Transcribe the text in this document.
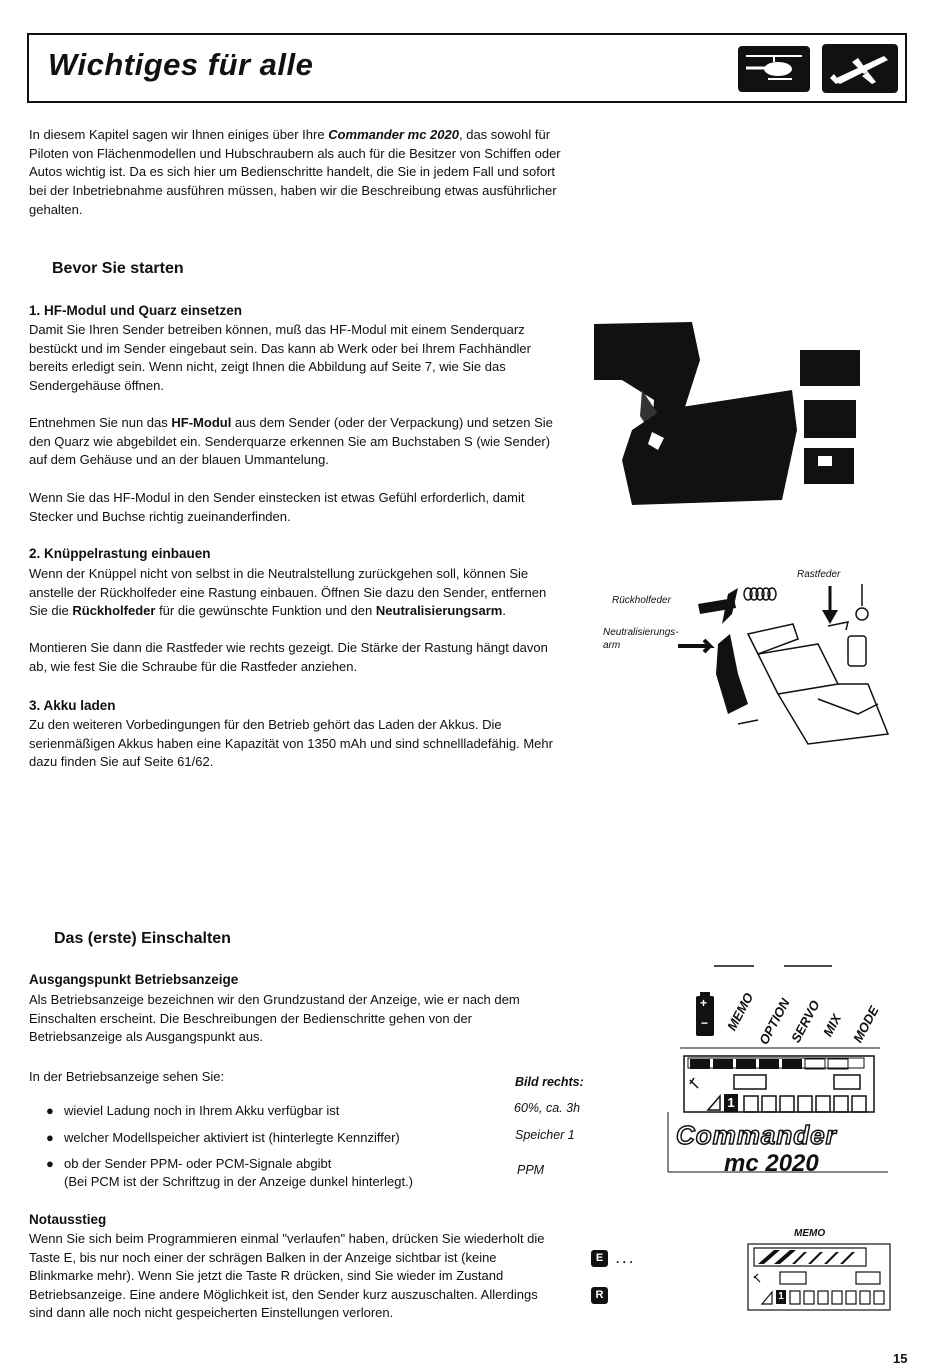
Wichtiges für alle
In diesem Kapitel sagen wir Ihnen einiges über Ihre Commander mc 2020, das sowohl für Piloten von Flächenmodellen und Hubschraubern als auch für die Besitzer von Schiffen oder Autos wichtig ist. Da es sich hier um Bedienschritte handelt, die Sie in jedem Fall und sofort bei der Inbetriebnahme ausführen müssen, haben wir die Beschreibung etwas ausführlicher gehalten.
Bevor Sie starten
1. HF-Modul und Quarz einsetzen
Damit Sie Ihren Sender betreiben können, muß das HF-Modul mit einem Senderquarz bestückt und im Sender eingebaut sein. Das kann ab Werk oder bei Ihrem Fachhändler bereits erledigt sein. Wenn nicht, zeigt Ihnen die Abbildung auf Seite 7, wie Sie das Sendergehäuse öffnen.
Entnehmen Sie nun das HF-Modul aus dem Sender (oder der Verpackung) und setzen Sie den Quarz wie abgebildet ein. Senderquarze erkennen Sie am Buchstaben S (wie Sender) auf dem Gehäuse und an der blauen Ummantelung.
Wenn Sie das HF-Modul in den Sender einstecken ist etwas Gefühl erforderlich, damit Stecker und Buchse richtig zueinanderfinden.
2. Knüppelrastung einbauen
Wenn der Knüppel nicht von selbst in die Neutralstellung zurückgehen soll, können Sie anstelle der Rückholfeder eine Rastung einbauen. Öffnen Sie dazu den Sender, entfernen Sie die Rückholfeder für die gewünschte Funktion und den Neutralisierungsarm.
Montieren Sie dann die Rastfeder wie rechts gezeigt. Die Stärke der Rastung hängt davon ab, wie fest Sie die Schraube für die Rastfeder anziehen.
Rastfeder
Rückholfeder
Neutralisierungs-
arm
3. Akku laden
Zu den weiteren Vorbedingungen für den Betrieb gehört das Laden der Akkus. Die serienmäßigen Akkus haben eine Kapazität von 1350 mAh und sind schnellladefähig. Mehr dazu finden Sie auf Seite 61/62.
Das (erste) Einschalten
Ausgangspunkt Betriebsanzeige
Als Betriebsanzeige bezeichnen wir den Grundzustand der Anzeige, wie er nach dem Einschalten erscheint. Die Beschreibungen der Bedienschritte gehen von der Betriebsanzeige als Ausgangspunkt aus.
In der Betriebsanzeige sehen Sie:	Bild rechts:
● wieviel Ladung noch in Ihrem Akku verfügbar ist	60%, ca. 3h
● welcher Modellspeicher aktiviert ist (hinterlegte Kennziffer)	Speicher 1
● ob der Sender PPM- oder PCM-Signale abgibt
(Bei PCM ist der Schriftzug in der Anzeige dunkel hinterlegt.)
PPM
Notausstieg
Wenn Sie sich beim Programmieren einmal "verlaufen" haben, drücken Sie wiederholt die Taste E, bis nur noch einer der schrägen Balken in der Anzeige sichtbar ist (keine Blinkmarke mehr). Wenn Sie jetzt die Taste R drücken, sind Sie wieder im Zustand Betriebsanzeige. Eine andere Möglichkeit ist, den Sender kurz auszuschalten. Allerdings sind dann alle noch nicht gespeicherten Einstellungen verloren.
E	. . .
R
+
− MEMO OPTION
SERVO
MIX MODE
1
Commander
mc 2020
MEMO
1
15
